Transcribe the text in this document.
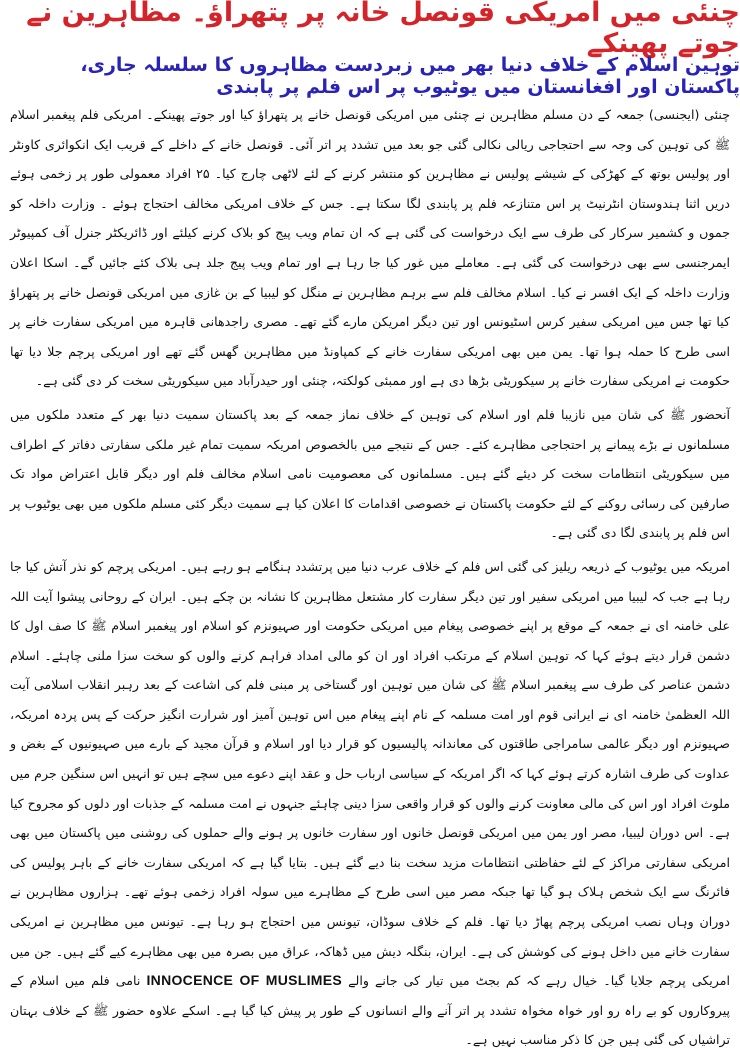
چنئی میں امریکی قونصل خانہ پر پتھراؤ۔ مظاہرین نے جوتے پھینکے
توہین اسلام کے خلاف دنیا بھر میں زبردست مظاہروں کا سلسلہ جاری، پاکستان اور افغانستان میں یوٹیوب پر اس فلم پر پابندی

چنئی (ایجنسی) جمعہ کے دن مسلم مظاہرین نے چنئی میں امریکی قونصل خانے پر پتھراؤ کیا اور جوتے پھینکے۔ امریکی فلم پیغمبر اسلام ﷺ کی توہین کی وجہ سے احتجاجی ریالی نکالی گئی جو بعد میں تشدد پر اتر آئی۔ قونصل خانے کے داخلے کے قریب ایک انکوائری کاونٹر اور پولیس بوتھ کے کھڑکی کے شیشے پولیس نے مظاہرین کو منتشر کرنے کے لئے لاٹھی چارج کیا۔ ۲۵ افراد معمولی طور پر زخمی ہوئے دریں اثنا ہندوستان انٹرنیٹ پر اس متنازعہ فلم پر پابندی لگا سکتا ہے۔ جس کے خلاف امریکی مخالف احتجاج ہوئے ۔ وزارت داخلہ کو جموں و کشمیر سرکار کی طرف سے ایک درخواست کی گئی ہے کہ ان تمام ویب پیج کو بلاک کرنے کیلئے اور ڈائریکٹر جنرل آف کمپیوٹر ایمرجنسی سے بھی درخواست کی گئی ہے۔ معاملے میں غور کیا جا رہا ہے اور تمام ویب پیج جلد ہی بلاک کئے جائیں گے۔ اسکا اعلان وزارت داخلہ کے ایک افسر نے کیا۔ اسلام مخالف فلم سے برہم مظاہرین نے منگل کو لیبیا کے بن غازی میں امریکی قونصل خانے پر پتھراؤ کیا تھا جس میں امریکی سفیر کرس اسٹیونس اور تین دیگر امریکن مارے گئے تھے۔ مصری راجدھانی قاہرہ میں امریکی سفارت خانے پر اسی طرح کا حملہ ہوا تھا۔ یمن میں بھی امریکی سفارت خانے کے کمپاونڈ میں مظاہرین گھس گئے تھے اور امریکی پرچم جلا دیا تھا حکومت نے امریکی سفارت خانے پر سیکوریٹی بڑھا دی ہے اور ممبئی کولکتہ، چنئی اور حیدرآباد میں سیکوریٹی سخت کر دی گئی ہے۔

آنحضور ﷺ کی شان میں نازیبا فلم اور اسلام کی توہین کے خلاف نماز جمعہ کے بعد پاکستان سمیت دنیا بھر کے متعدد ملکوں میں مسلمانوں نے بڑے پیمانے پر احتجاجی مظاہرے کئے۔ جس کے نتیجے میں بالخصوص امریکہ سمیت تمام غیر ملکی سفارتی دفاتر کے اطراف میں سیکوریٹی انتظامات سخت کر دیئے گئے ہیں۔ مسلمانوں کی معصومیت نامی اسلام مخالف فلم اور دیگر قابل اعتراض مواد تک صارفین کی رسائی روکنے کے لئے حکومت پاکستان نے خصوصی اقدامات کا اعلان کیا ہے سمیت دیگر کئی مسلم ملکوں میں بھی یوٹیوب پر اس فلم پر پابندی لگا دی گئی ہے۔

امریکہ میں یوٹیوب کے ذریعہ ریلیز کی گئی اس فلم کے خلاف عرب دنیا میں پرتشدد ہنگامے ہو رہے ہیں۔ امریکی پرچم کو نذر آتش کیا جا رہا ہے جب کہ لیبیا میں امریکی سفیر اور تین دیگر سفارت کار مشتعل مظاہرین کا نشانہ بن چکے ہیں۔ ایران کے روحانی پیشوا آیت اللہ علی خامنہ ای نے جمعہ کے موقع پر اپنے خصوصی پیغام میں امریکی حکومت اور صہیونزم کو اسلام اور پیغمبر اسلام ﷺ کا صف اول کا دشمن قرار دیتے ہوئے کہا کہ توہین اسلام کے مرتکب افراد اور ان کو مالی امداد فراہم کرنے والوں کو سخت سزا ملنی چاہئے۔ اسلام دشمن عناصر کی طرف سے پیغمبر اسلام ﷺ کی شان میں توہین اور گستاخی پر مبنی فلم کی اشاعت کے بعد رہبر انقلاب اسلامی آیت اللہ العظمیٰ خامنہ ای نے ایرانی قوم اور امت مسلمہ کے نام اپنے پیغام میں اس توہین آمیز اور شرارت انگیز حرکت کے پس پردہ امریکہ، صہیونزم اور دیگر عالمی سامراجی طاقتوں کی معاندانہ پالیسیوں کو قرار دیا اور اسلام و قرآن مجید کے بارے میں صہیونیوں کے بغض و عداوت کی طرف اشارہ کرتے ہوئے کہا کہ اگر امریکہ کے سیاسی ارباب حل و عقد اپنے دعوے میں سچے ہیں تو انہیں اس سنگین جرم میں ملوث افراد اور اس کی مالی معاونت کرنے والوں کو قرار واقعی سزا دینی چاہئے جنہوں نے امت مسلمہ کے جذبات اور دلوں کو مجروح کیا ہے۔ اس دوران لیبیا، مصر اور یمن میں امریکی قونصل خانوں اور سفارت خانوں پر ہونے والے حملوں کی روشنی میں پاکستان میں بھی امریکی سفارتی مراکز کے لئے حفاظتی انتظامات مزید سخت بنا دیے گئے ہیں۔ بتایا گیا ہے کہ امریکی سفارت خانے کے باہر پولیس کی فائرنگ سے ایک شخص ہلاک ہو گیا تھا جبکہ مصر میں اسی طرح کے مظاہرے میں سولہ افراد زخمی ہوئے تھے۔ ہزاروں مظاہرین نے دوران وہاں نصب امریکی پرچم پھاڑ دیا تھا۔ فلم کے خلاف سوڈان، تیونس میں احتجاج ہو رہا ہے۔ تیونس میں مظاہرین نے امریکی سفارت خانے میں داخل ہونے کی کوشش کی ہے۔ ایران، بنگلہ دیش میں ڈھاکہ، عراق میں بصرہ میں بھی مظاہرے کیے گئے ہیں۔ جن میں امریکی پرچم جلایا گیا۔ خیال رہے کہ کم بجٹ میں تیار کی جانے والے INNOCENCE OF MUSLIMES نامی فلم میں اسلام کے پیروکاروں کو بے راہ رو اور خواہ مخواہ تشدد پر اتر آنے والے انسانوں کے طور پر پیش کیا گیا ہے۔ اسکے علاوہ حضور ﷺ کے خلاف بہتان تراشیاں کی گئی ہیں جن کا ذکر مناسب نہیں ہے۔
